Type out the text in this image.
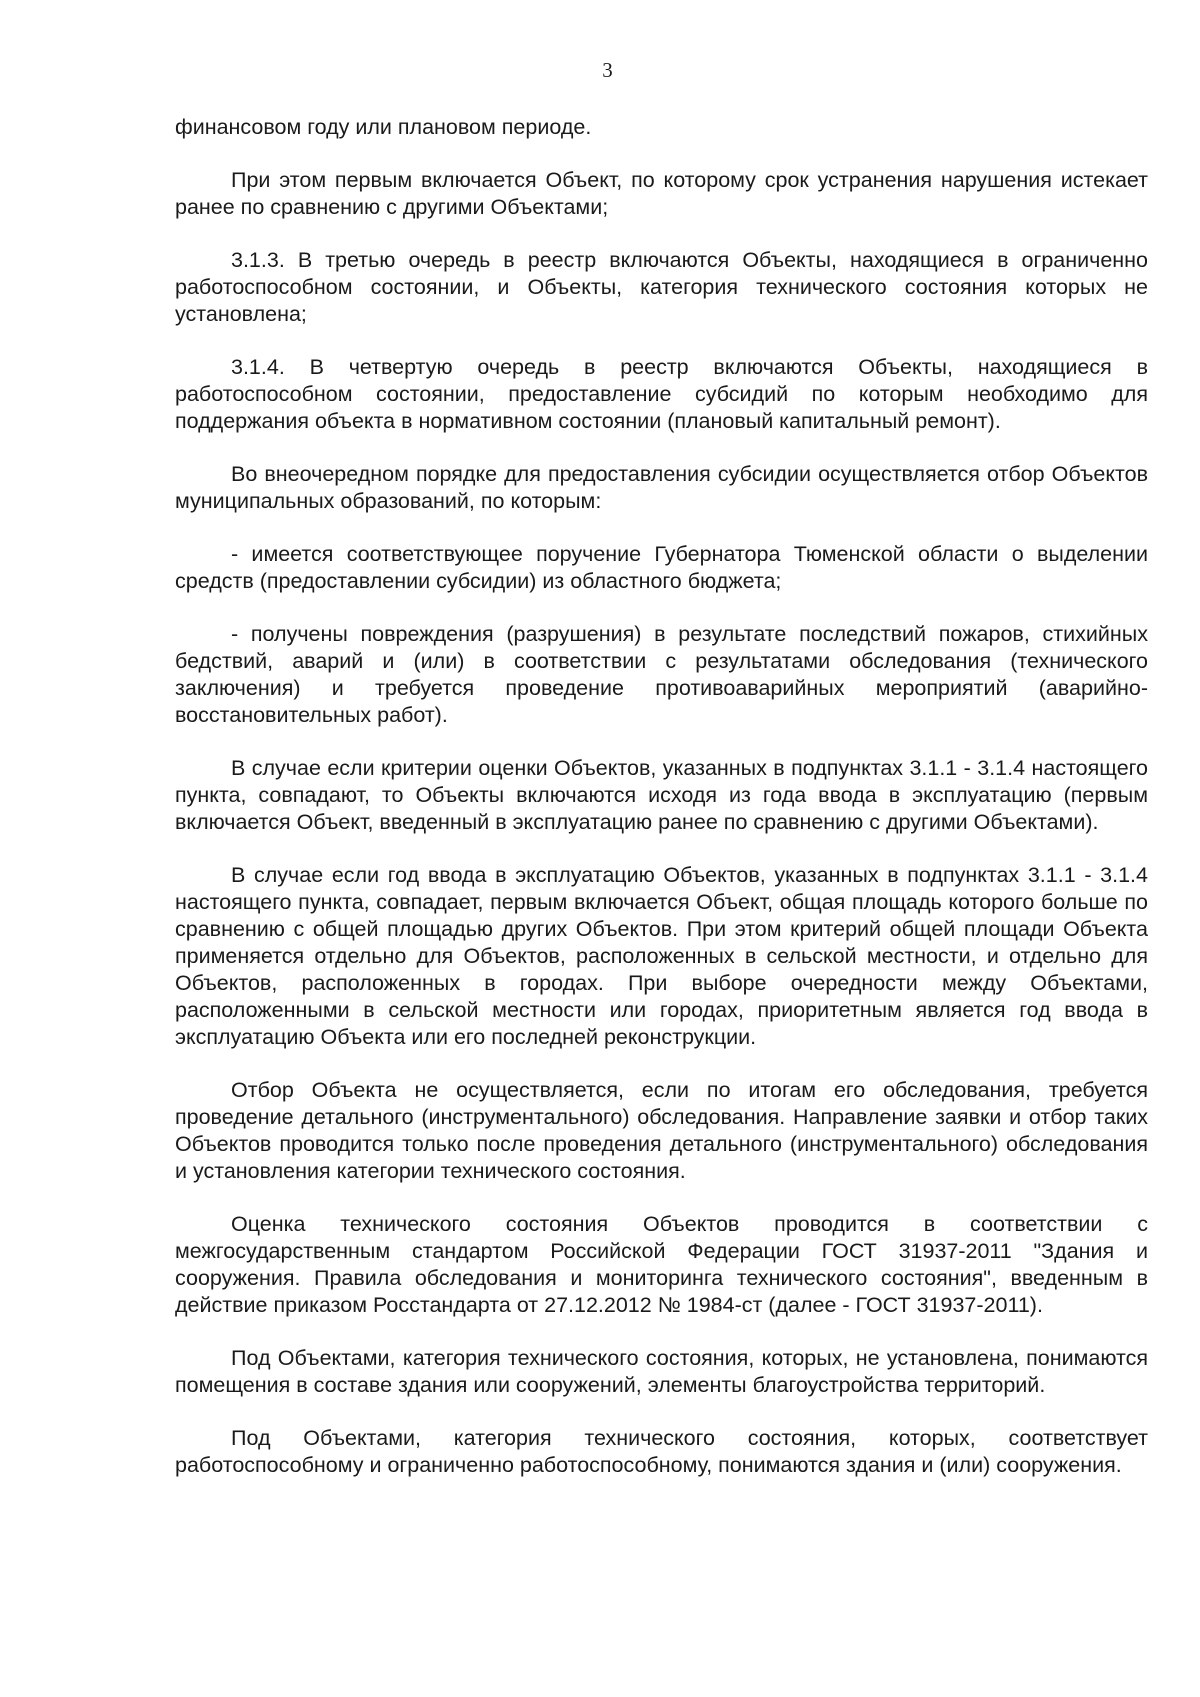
3

финансовом году или плановом периоде.

При этом первым включается Объект, по которому срок устранения нарушения истекает ранее по сравнению с другими Объектами;

3.1.3. В третью очередь в реестр включаются Объекты, находящиеся в ограниченно работоспособном состоянии, и Объекты, категория технического состояния которых не установлена;

3.1.4. В четвертую очередь в реестр включаются Объекты, находящиеся в работоспособном состоянии, предоставление субсидий по которым необходимо для поддержания объекта в нормативном состоянии (плановый капитальный ремонт).

Во внеочередном порядке для предоставления субсидии осуществляется отбор Объектов муниципальных образований, по которым:

- имеется соответствующее поручение Губернатора Тюменской области о выделении средств (предоставлении субсидии) из областного бюджета;

- получены повреждения (разрушения) в результате последствий пожаров, стихийных бедствий, аварий и (или) в соответствии с результатами обследования (технического заключения) и требуется проведение противоаварийных мероприятий (аварийно-восстановительных работ).

В случае если критерии оценки Объектов, указанных в подпунктах 3.1.1 - 3.1.4 настоящего пункта, совпадают, то Объекты включаются исходя из года ввода в эксплуатацию (первым включается Объект, введенный в эксплуатацию ранее по сравнению с другими Объектами).

В случае если год ввода в эксплуатацию Объектов, указанных в подпунктах 3.1.1 - 3.1.4 настоящего пункта, совпадает, первым включается Объект, общая площадь которого больше по сравнению с общей площадью других Объектов. При этом критерий общей площади Объекта применяется отдельно для Объектов, расположенных в сельской местности, и отдельно для Объектов, расположенных в городах. При выборе очередности между Объектами, расположенными в сельской местности или городах, приоритетным является год ввода в эксплуатацию Объекта или его последней реконструкции.

Отбор Объекта не осуществляется, если по итогам его обследования, требуется проведение детального (инструментального) обследования. Направление заявки и отбор таких Объектов проводится только после проведения детального (инструментального) обследования и установления категории технического состояния.

Оценка технического состояния Объектов проводится в соответствии с межгосударственным стандартом Российской Федерации ГОСТ 31937-2011 "Здания и сооружения. Правила обследования и мониторинга технического состояния", введенным в действие приказом Росстандарта от 27.12.2012 № 1984-ст (далее - ГОСТ 31937-2011).

Под Объектами, категория технического состояния, которых, не установлена, понимаются помещения в составе здания или сооружений, элементы благоустройства территорий.

Под Объектами, категория технического состояния, которых, соответствует работоспособному и ограниченно работоспособному, понимаются здания и (или) сооружения.
